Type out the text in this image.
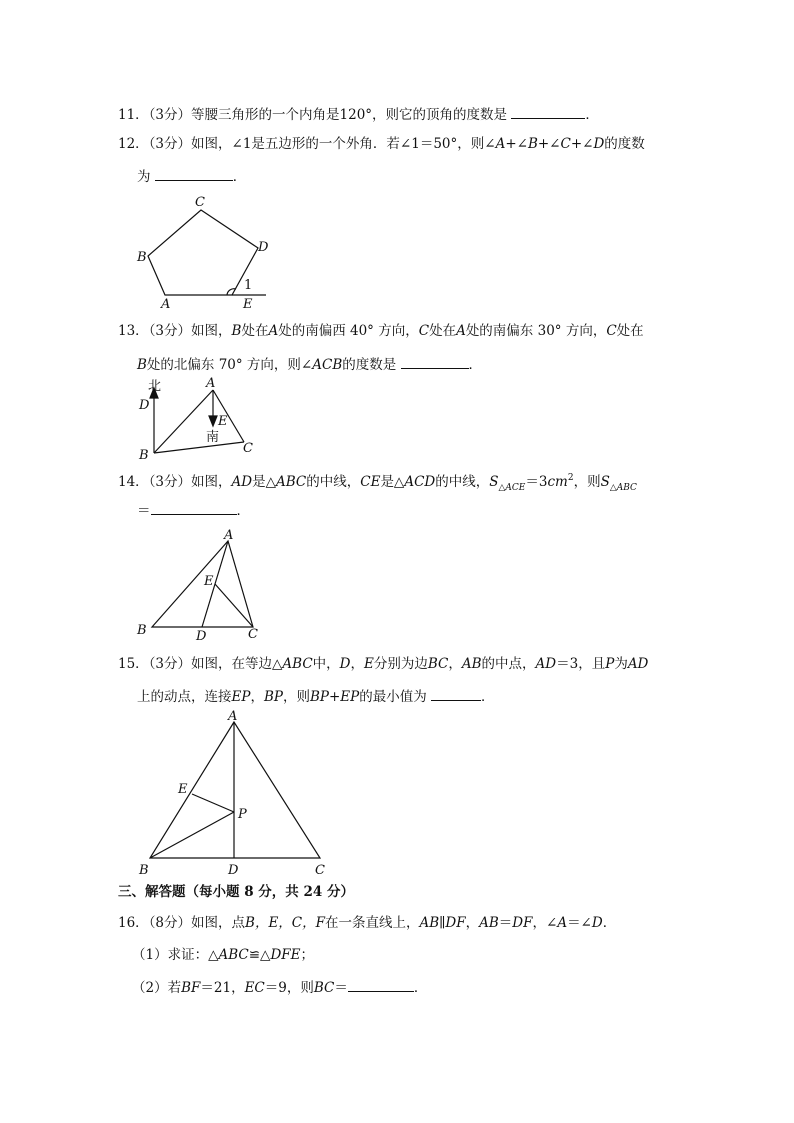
11．（3分）等腰三角形的一个内角是120°，则它的顶角的度数是	．
12．（3分）如图，∠1是五边形的一个外角．若∠1＝50°，则∠A+∠B+∠C+∠D的度数
为	．
C
B
D
A	E
1
13．（3分）如图，B处在A处的南偏西 40° 方向，C处在A处的南偏东 30° 方向，C处在
B处的北偏东 70° 方向，则∠ACB的度数是	．
北	A
D
E
南
B	C
14．（3分）如图，AD是△ABC的中线，CE是△ACD的中线，$S_{\triangle ACE}=3cm^2$，则$S_{\triangle ABC}$
＝	．
A
E
B	D	C
15．（3分）如图，在等边△ABC中，D，E分别为边BC，AB的中点，AD＝3，且P为AD
上的动点，连接EP，BP，则BP+EP的最小值为	．
A
E
P
B	D	C
三、解答题（每小题 8 分，共 24 分）
16．（8分）如图，点B，E，C，F在一条直线上，AB∥DF，AB＝DF，∠A＝∠D．
（1）求证：△ABC≌△DFE；
（2）若BF＝21，EC＝9，则BC＝	．
